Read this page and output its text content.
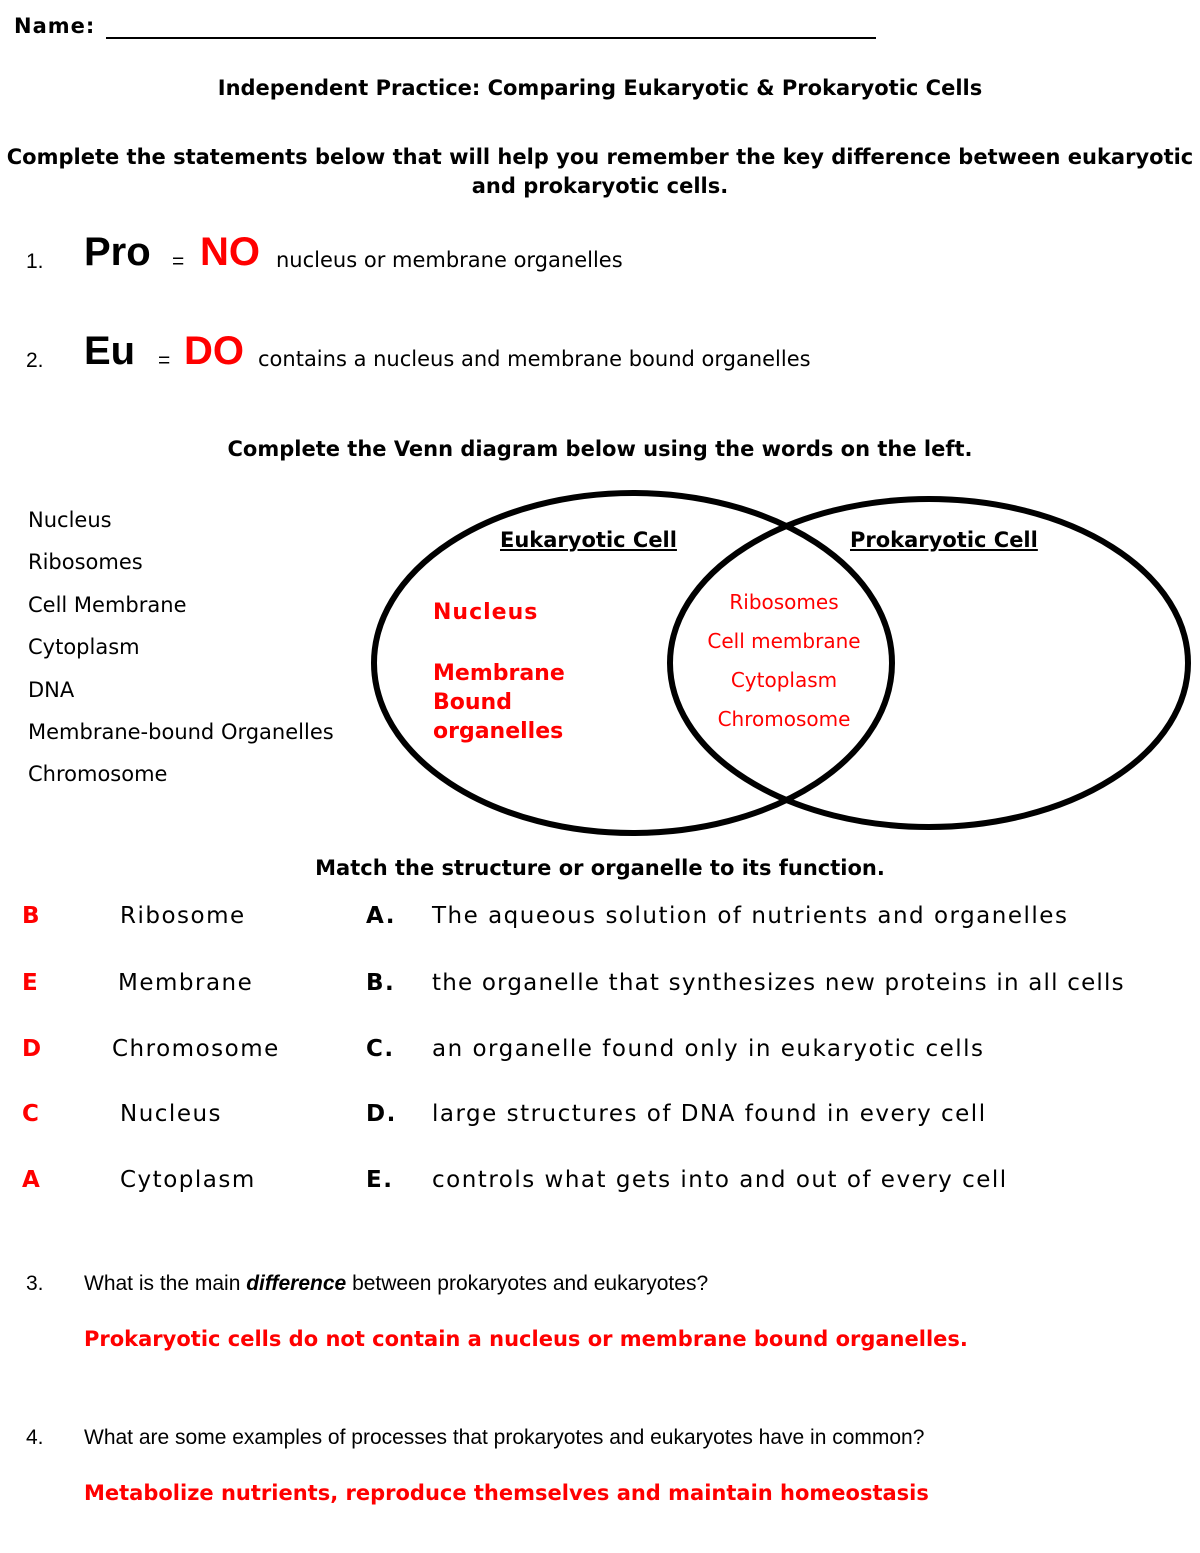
Name:
Independent Practice: Comparing Eukaryotic & Prokaryotic Cells
Complete the statements below that will help you remember the key difference between eukaryotic and prokaryotic cells.
1. Pro = NO nucleus or membrane organelles
2. Eu = DO contains a nucleus and membrane bound organelles
Complete the Venn diagram below using the words on the left.
Nucleus
Ribosomes
Cell Membrane
Cytoplasm
DNA
Membrane-bound Organelles
Chromosome
Eukaryotic Cell	Prokaryotic Cell
Nucleus
Membrane
Bound
organelles
Ribosomes
Cell membrane
Cytoplasm
Chromosome
Match the structure or organelle to its function.
B	Ribosome	A. The aqueous solution of nutrients and organelles
E	Membrane	B. the organelle that synthesizes new proteins in all cells
D	Chromosome	C. an organelle found only in eukaryotic cells
C	Nucleus	D. large structures of DNA found in every cell
A	Cytoplasm	E. controls what gets into and out of every cell
3. What is the main difference between prokaryotes and eukaryotes?
Prokaryotic cells do not contain a nucleus or membrane bound organelles.
4. What are some examples of processes that prokaryotes and eukaryotes have in common?
Metabolize nutrients, reproduce themselves and maintain homeostasis
